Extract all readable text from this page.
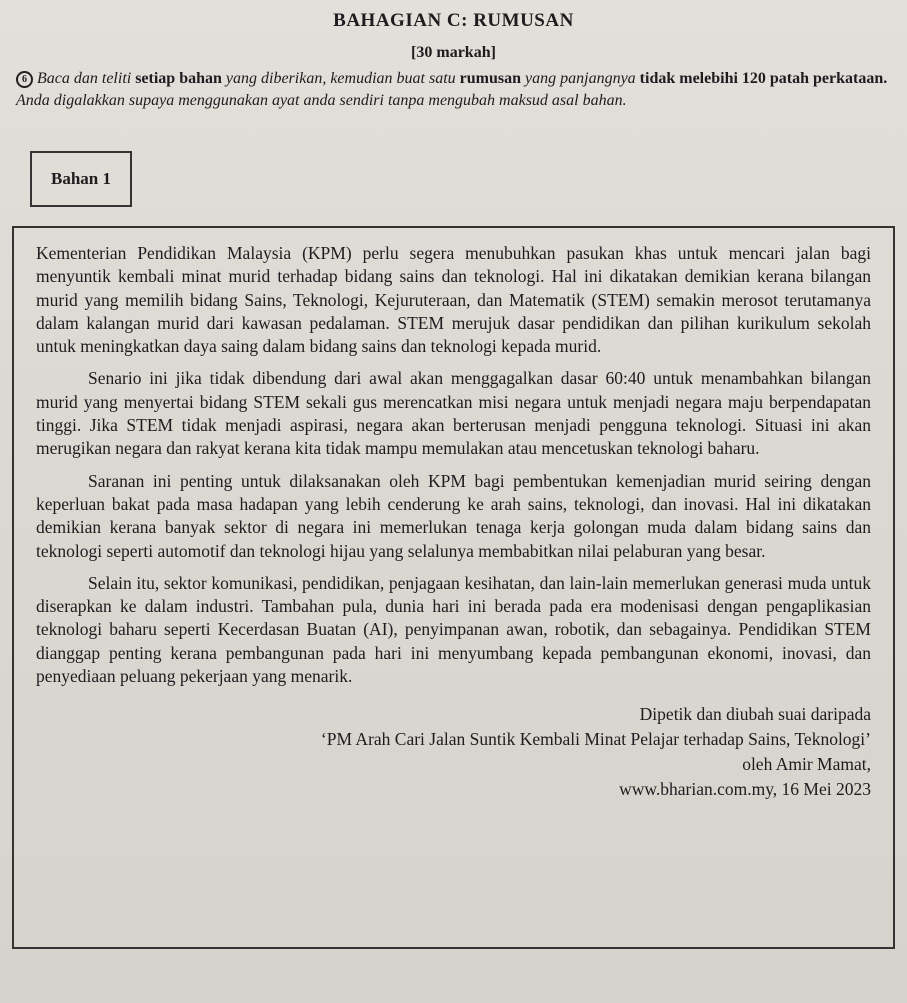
BAHAGIAN C: RUMUSAN
[30 markah]
6 Baca dan teliti setiap bahan yang diberikan, kemudian buat satu rumusan yang panjangnya tidak melebihi 120 patah perkataan. Anda digalakkan supaya menggunakan ayat anda sendiri tanpa mengubah maksud asal bahan.
Bahan 1

Kementerian Pendidikan Malaysia (KPM) perlu segera menubuhkan pasukan khas untuk mencari jalan bagi menyuntik kembali minat murid terhadap bidang sains dan teknologi. Hal ini dikatakan demikian kerana bilangan murid yang memilih bidang Sains, Teknologi, Kejuruteraan, dan Matematik (STEM) semakin merosot terutamanya dalam kalangan murid dari kawasan pedalaman. STEM merujuk dasar pendidikan dan pilihan kurikulum sekolah untuk meningkatkan daya saing dalam bidang sains dan teknologi kepada murid.

Senario ini jika tidak dibendung dari awal akan menggagalkan dasar 60:40 untuk menambahkan bilangan murid yang menyertai bidang STEM sekali gus merencatkan misi negara untuk menjadi negara maju berpendapatan tinggi. Jika STEM tidak menjadi aspirasi, negara akan berterusan menjadi pengguna teknologi. Situasi ini akan merugikan negara dan rakyat kerana kita tidak mampu memulakan atau mencetuskan teknologi baharu.

Saranan ini penting untuk dilaksanakan oleh KPM bagi pembentukan kemenjadian murid seiring dengan keperluan bakat pada masa hadapan yang lebih cenderung ke arah sains, teknologi, dan inovasi. Hal ini dikatakan demikian kerana banyak sektor di negara ini memerlukan tenaga kerja golongan muda dalam bidang sains dan teknologi seperti automotif dan teknologi hijau yang selalunya membabitkan nilai pelaburan yang besar.

Selain itu, sektor komunikasi, pendidikan, penjagaan kesihatan, dan lain-lain memerlukan generasi muda untuk diserapkan ke dalam industri. Tambahan pula, dunia hari ini berada pada era modenisasi dengan pengaplikasian teknologi baharu seperti Kecerdasan Buatan (AI), penyimpanan awan, robotik, dan sebagainya. Pendidikan STEM dianggap penting kerana pembangunan pada hari ini menyumbang kepada pembangunan ekonomi, inovasi, dan penyediaan peluang pekerjaan yang menarik.

Dipetik dan diubah suai daripada
‘PM Arah Cari Jalan Suntik Kembali Minat Pelajar terhadap Sains, Teknologi’
oleh Amir Mamat,
www.bharian.com.my, 16 Mei 2023
